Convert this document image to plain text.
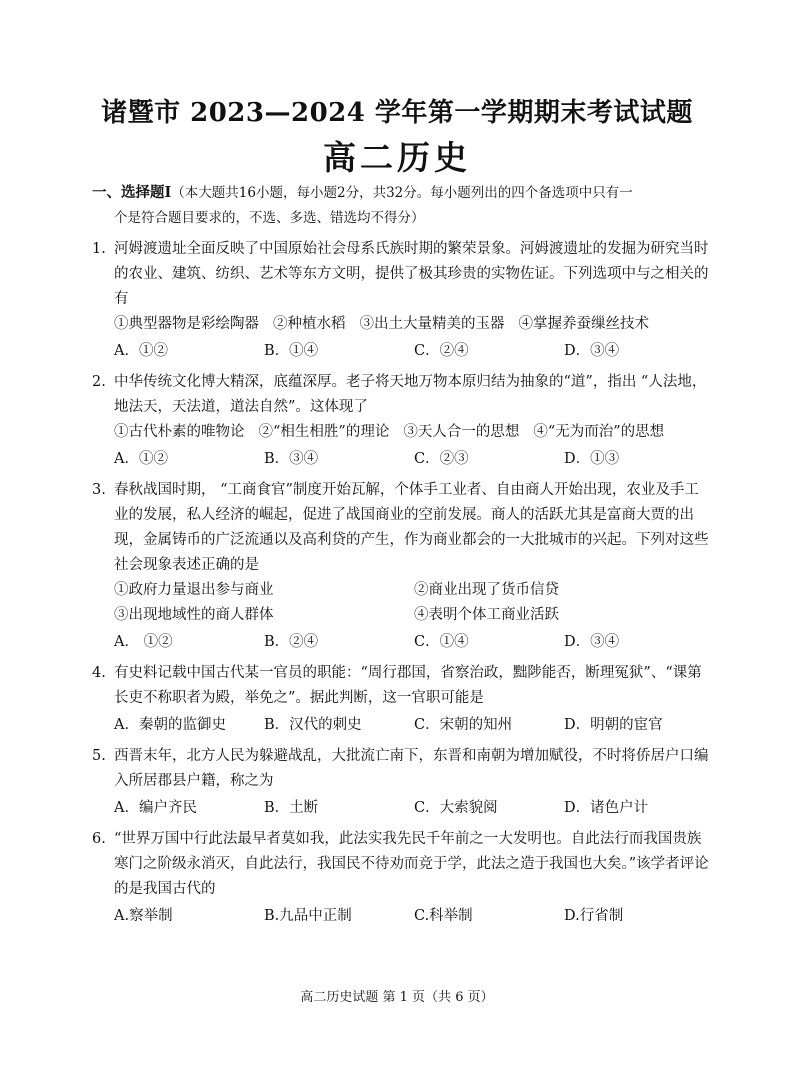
诸暨市 2023—2024 学年第一学期期末考试试题
高二历史
一、选择题Ⅰ（本大题共16小题，每小题2分，共32分。每小题列出的四个备选项中只有一
个是符合题目要求的，不选、多选、错选均不得分）
1. 河姆渡遗址全面反映了中国原始社会母系氏族时期的繁荣景象。河姆渡遗址的发掘为研究当时的农业、建筑、纺织、艺术等东方文明，提供了极其珍贵的实物佐证。下列选项中与之相关的有
①典型器物是彩绘陶器 ②种植水稻 ③出土大量精美的玉器 ④掌握养蚕缫丝技术
A．①②	B．①④	C．②④	D．③④
2. 中华传统文化博大精深，底蕴深厚。老子将天地万物本原归结为抽象的“道”，指出 “人法地，地法天，天法道，道法自然”。这体现了
①古代朴素的唯物论 ②“相生相胜”的理论 ③天人合一的思想 ④“无为而治”的思想
A．①②	B．③④	C．②③	D．①③
3. 春秋战国时期， “工商食官”制度开始瓦解，个体手工业者、自由商人开始出现，农业及手工业的发展，私人经济的崛起，促进了战国商业的空前发展。商人的活跃尤其是富商大贾的出现，金属铸币的广泛流通以及高利贷的产生，作为商业都会的一大批城市的兴起。下列对这些社会现象表述正确的是
①政府力量退出参与商业	②商业出现了货币信贷
③出现地域性的商人群体	④表明个体工商业活跃
A． ①②	B．②④	C．①④	D．③④
4. 有史料记载中国古代某一官员的职能：“周行郡国，省察治政，黜陟能否，断理冤狱”、“课第长吏不称职者为殿，举免之”。据此判断，这一官职可能是
A．秦朝的监御史	B．汉代的刺史	C．宋朝的知州	D．明朝的宦官
5. 西晋末年，北方人民为躲避战乱，大批流亡南下，东晋和南朝为增加赋役，不时将侨居户口编入所居郡县户籍，称之为
A．编户齐民	B．土断	C．大索貌阅	D．诸色户计
6. “世界万国中行此法最早者莫如我，此法实我先民千年前之一大发明也。自此法行而我国贵族寒门之阶级永消灭，自此法行，我国民不待劝而竞于学，此法之造于我国也大矣。”该学者评论的是我国古代的
A.察举制	B.九品中正制	C.科举制	D.行省制
高二历史试题 第 1 页（共 6 页）
